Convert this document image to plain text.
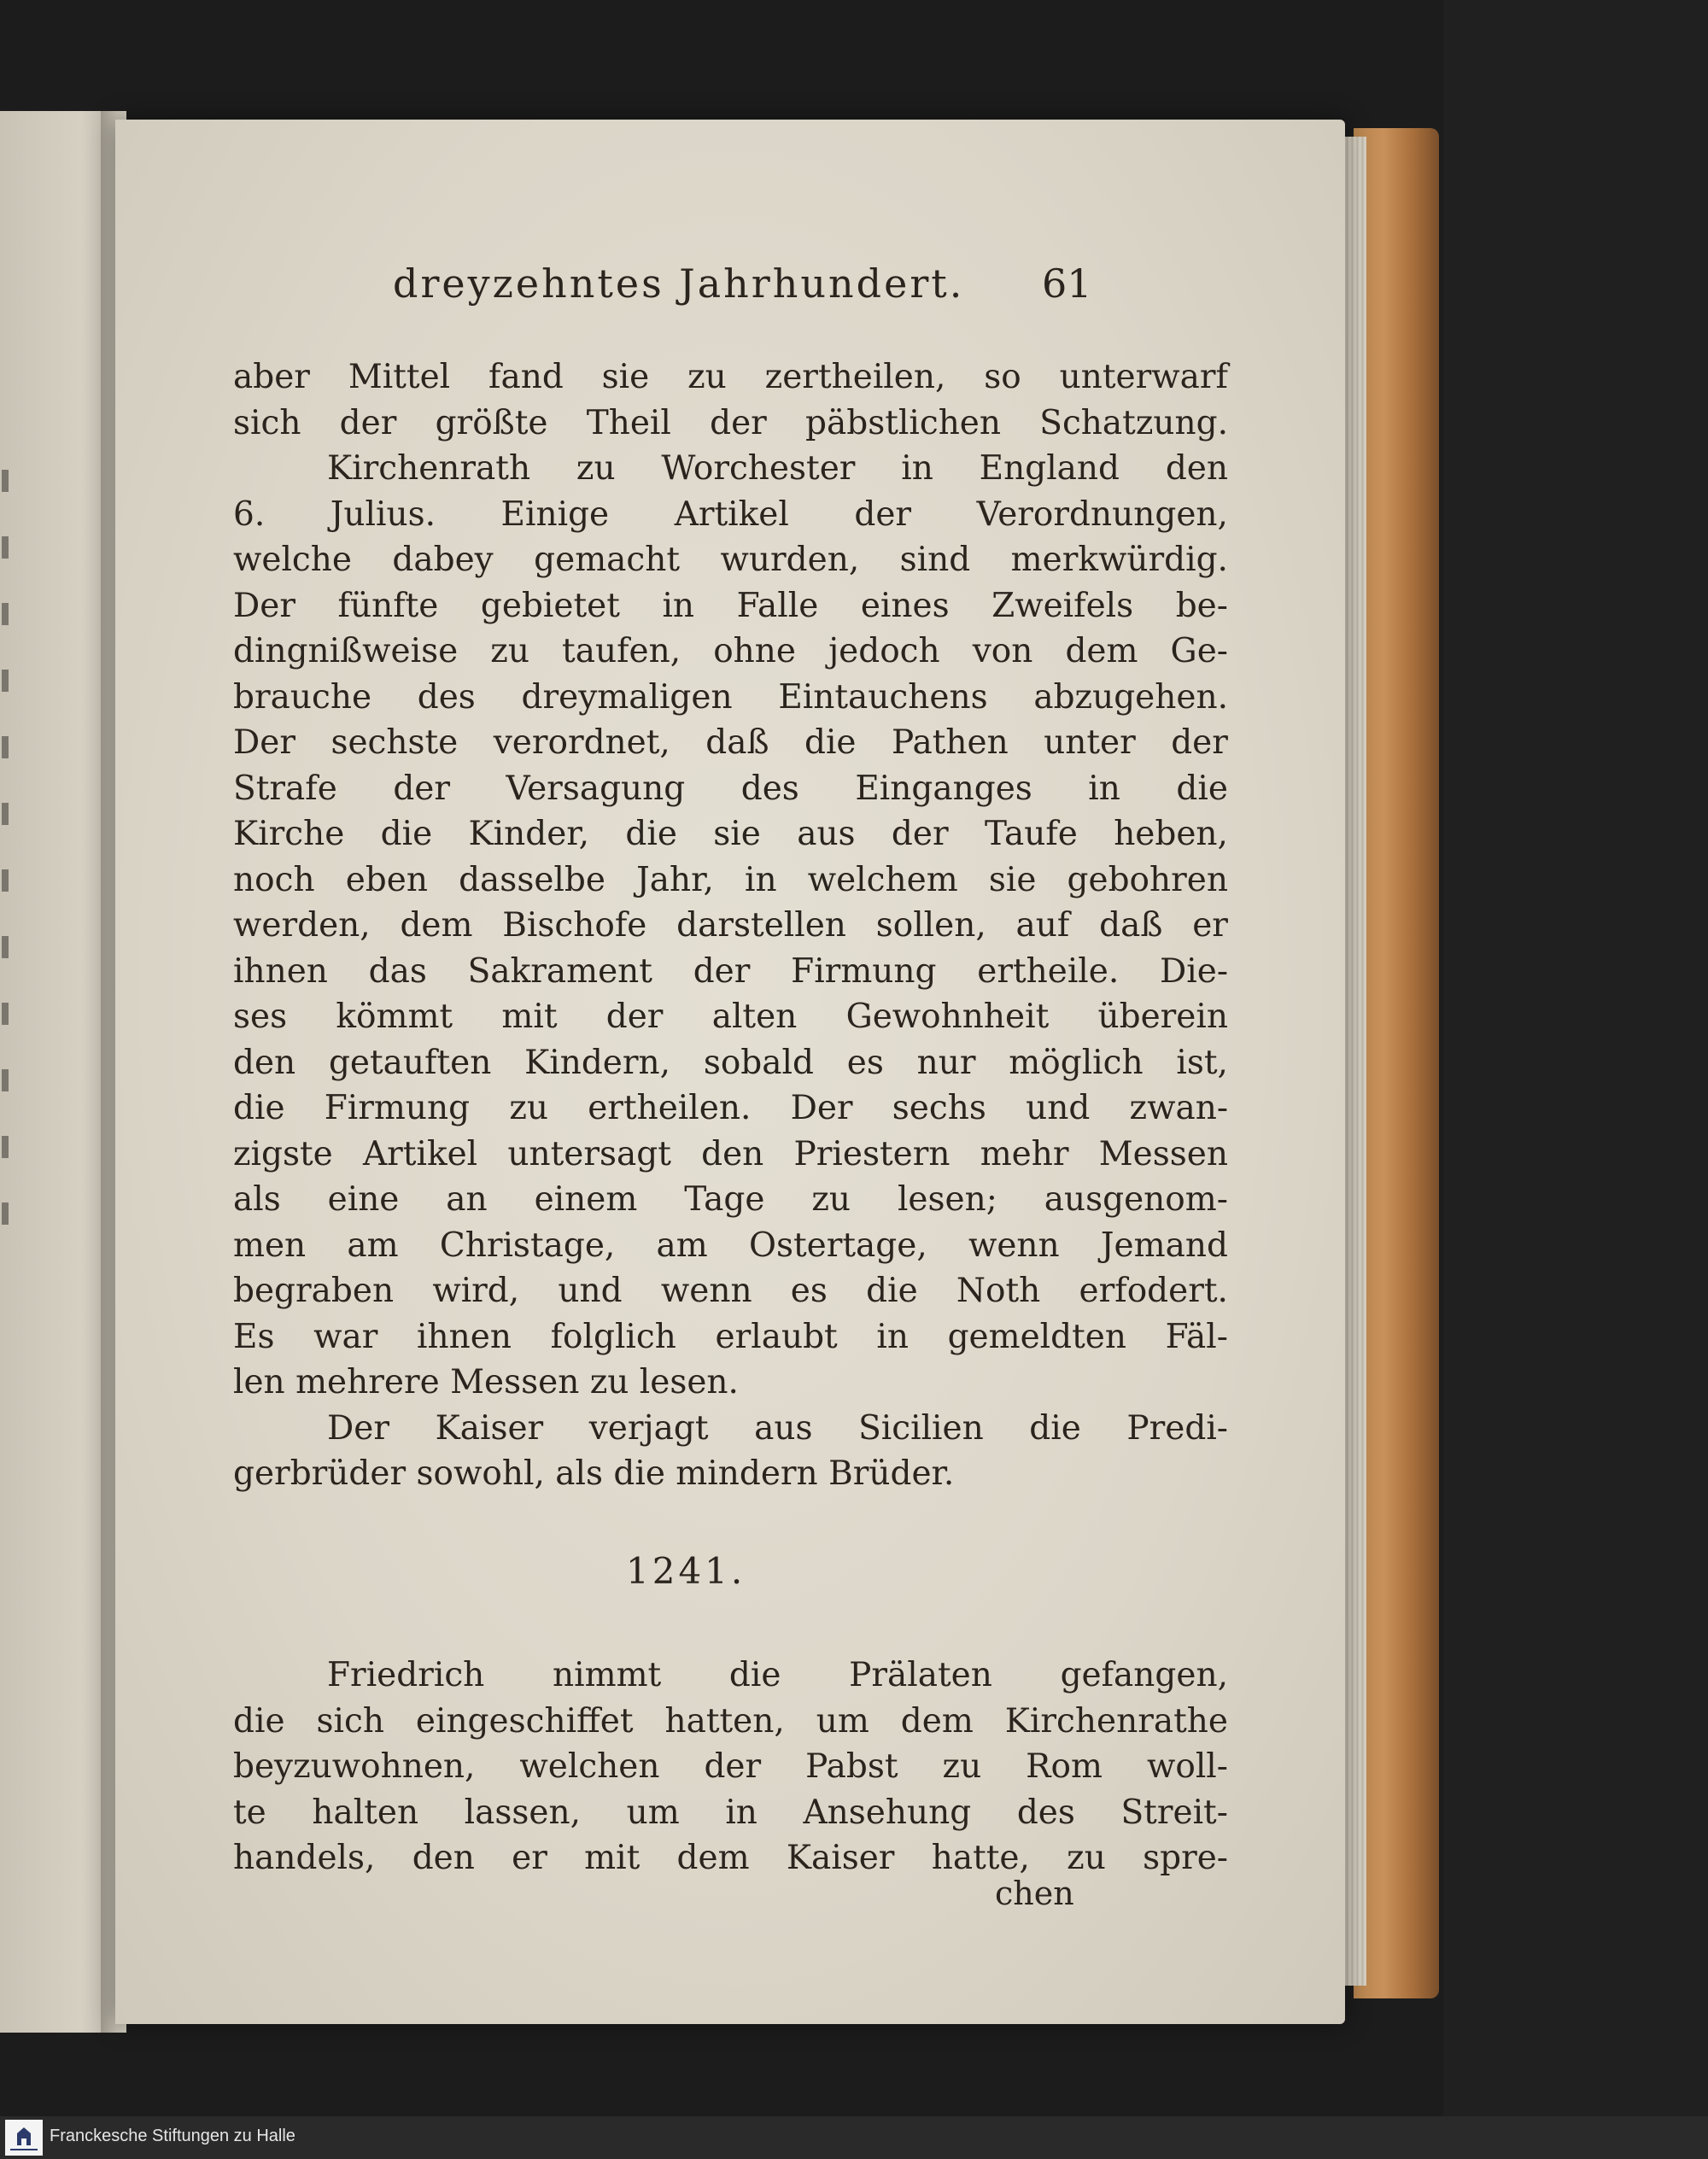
dreyzehntes Jahrhundert. 61
aber Mittel fand sie zu zertheilen, so unterwarf
sich der größte Theil der päbstlichen Schatzung.
Kirchenrath zu Worchester in England den
6. Julius. Einige Artikel der Verordnungen,
welche dabey gemacht wurden, sind merkwürdig.
Der fünfte gebietet in Falle eines Zweifels be-
dingnißweise zu taufen, ohne jedoch von dem Ge-
brauche des dreymaligen Eintauchens abzugehen.
Der sechste verordnet, daß die Pathen unter der
Strafe der Versagung des Einganges in die
Kirche die Kinder, die sie aus der Taufe heben,
noch eben dasselbe Jahr, in welchem sie gebohren
werden, dem Bischofe darstellen sollen, auf daß er
ihnen das Sakrament der Firmung ertheile. Die-
ses kömmt mit der alten Gewohnheit überein
den getauften Kindern, sobald es nur möglich ist,
die Firmung zu ertheilen. Der sechs und zwan-
zigste Artikel untersagt den Priestern mehr Messen
als eine an einem Tage zu lesen; ausgenom-
men am Christage, am Ostertage, wenn Jemand
begraben wird, und wenn es die Noth erfodert.
Es war ihnen folglich erlaubt in gemeldten Fäl-
len mehrere Messen zu lesen.
Der Kaiser verjagt aus Sicilien die Predi-
gerbrüder sowohl, als die mindern Brüder.
1241.
Friedrich nimmt die Prälaten gefangen,
die sich eingeschiffet hatten, um dem Kirchenrathe
beyzuwohnen, welchen der Pabst zu Rom woll-
te halten lassen, um in Ansehung des Streit-
handels, den er mit dem Kaiser hatte, zu spre-
chen
Franckesche Stiftungen zu Halle
